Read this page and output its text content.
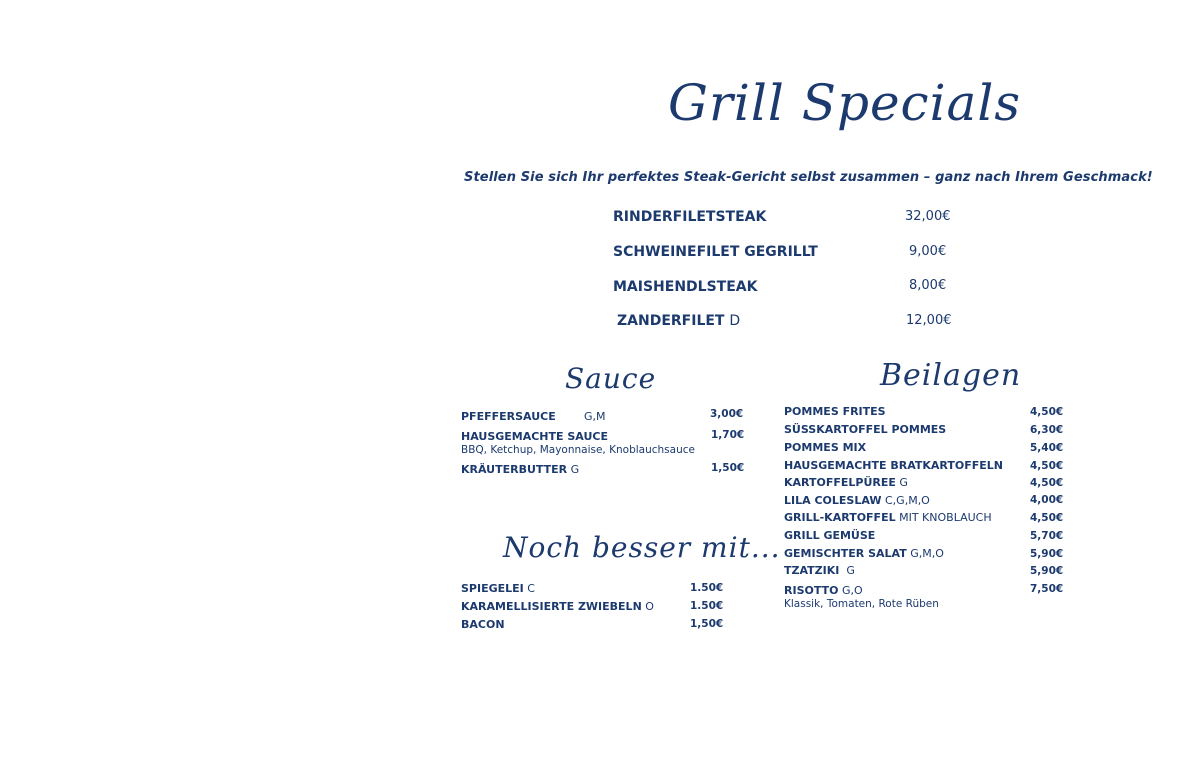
Grill Specials
Stellen Sie sich Ihr perfektes Steak-Gericht selbst zusammen – ganz nach Ihrem Geschmack!
RINDERFILETSTEAK	32,00€
SCHWEINEFILET GEGRILLT	9,00€
MAISHENDLSTEAK	8,00€
ZANDERFILET D	12,00€
Sauce
PFEFFERSAUCE	G,M	3,00€
HAUSGEMACHTE SAUCE	1,70€
BBQ, Ketchup, Mayonnaise, Knoblauchsauce
KRÄUTERBUTTER G	1,50€
Noch besser mit...
SPIEGELEI C	1.50€
KARAMELLISIERTE ZWIEBELN O	1.50€
BACON	1,50€
Beilagen
POMMES FRITES	4,50€
SÜSSKARTOFFEL POMMES	6,30€
POMMES MIX	5,40€
HAUSGEMACHTE BRATKARTOFFELN	4,50€
KARTOFFELPÜREE G	4,50€
LILA COLESLAW C,G,M,O	4,00€
GRILL-KARTOFFEL MIT KNOBLAUCH	4,50€
GRILL GEMÜSE	5,70€
GEMISCHTER SALAT G,M,O	5,90€
TZATZIKI G	5,90€
RISOTTO G,O	7,50€
Klassik, Tomaten, Rote Rüben
